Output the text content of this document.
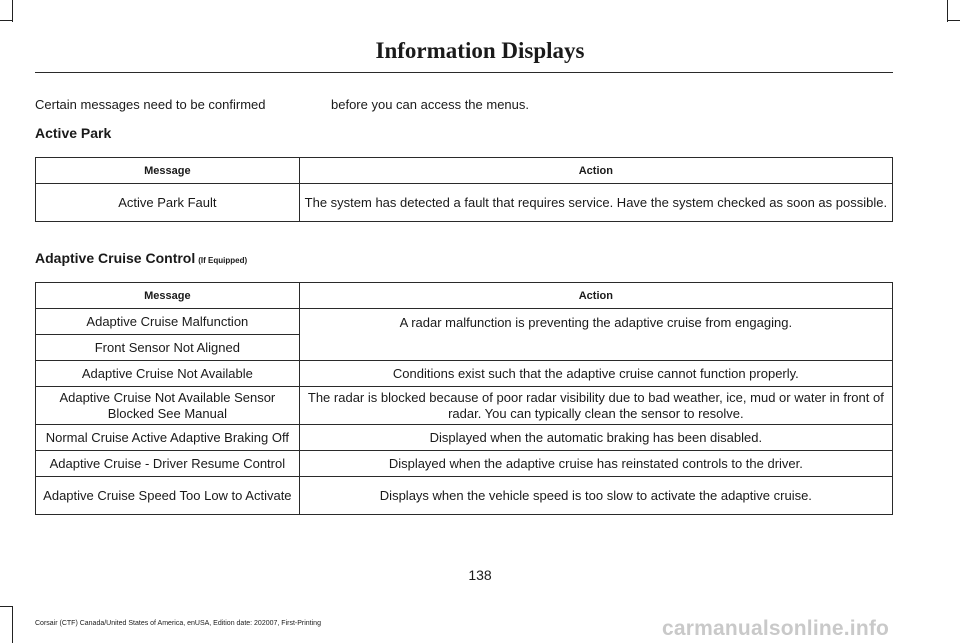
Information Displays
Certain messages need to be confirmed	before you can access the menus.
Active Park
Message	Action
Active Park Fault	The system has detected a fault that requires service. Have the system checked as soon as possible.
Adaptive Cruise Control (If Equipped)
Message	Action
Adaptive Cruise Malfunction	A radar malfunction is preventing the adaptive cruise from engaging.
Front Sensor Not Aligned	
Adaptive Cruise Not Available	Conditions exist such that the adaptive cruise cannot function properly.
Adaptive Cruise Not Available Sensor Blocked See Manual	The radar is blocked because of poor radar visibility due to bad weather, ice, mud or water in front of radar. You can typically clean the sensor to resolve.
Normal Cruise Active Adaptive Braking Off	Displayed when the automatic braking has been disabled.
Adaptive Cruise - Driver Resume Control	Displayed when the adaptive cruise has reinstated controls to the driver.
Adaptive Cruise Speed Too Low to Activate	Displays when the vehicle speed is too slow to activate the adaptive cruise.
138
Corsair (CTF) Canada/United States of America, enUSA, Edition date: 202007, First-Printing	carmanualsonline.info
